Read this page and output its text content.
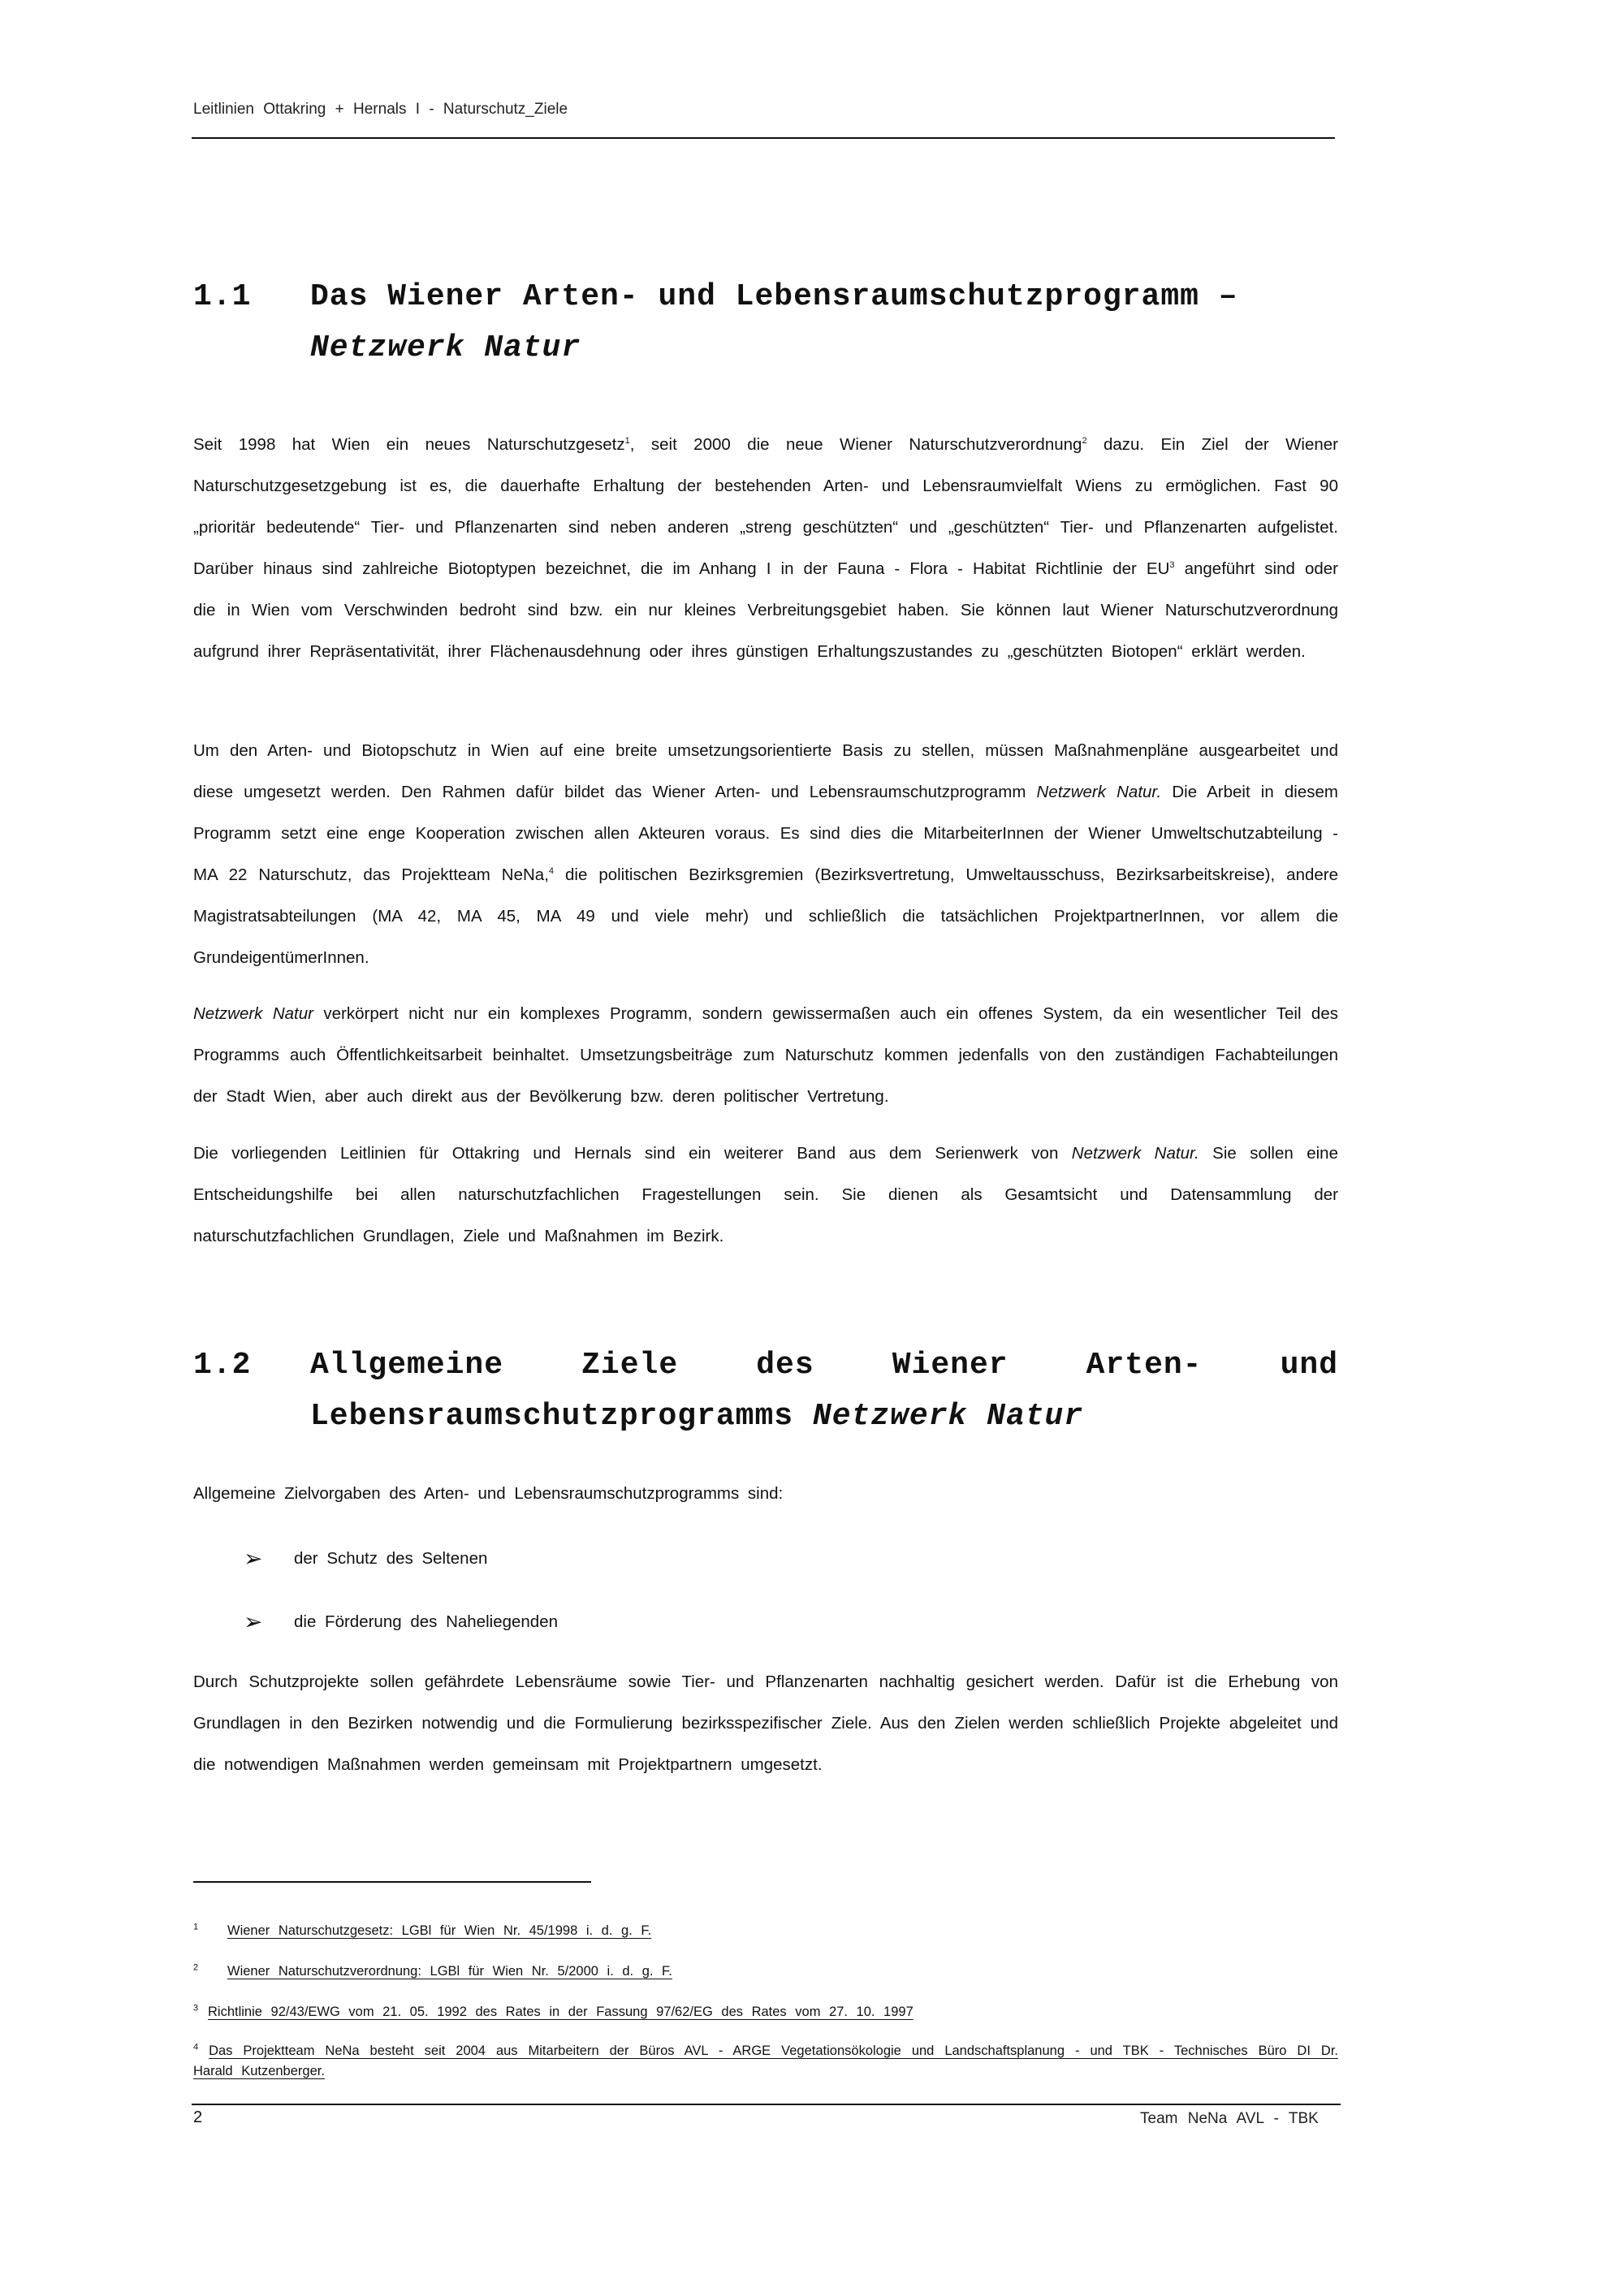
Leitlinien Ottakring + Hernals I - Naturschutz_Ziele
1.1 Das Wiener Arten- und Lebensraumschutzprogramm –
Netzwerk Natur

Seit 1998 hat Wien ein neues Naturschutzgesetz$^1$, seit 2000 die neue Wiener Naturschutzverordnung$^2$ dazu. Ein Ziel der Wiener Naturschutzgesetzgebung ist es, die dauerhafte Erhaltung der bestehenden Arten- und Lebensraumvielfalt Wiens zu ermöglichen. Fast 90 „prioritär bedeutende“ Tier- und Pflanzenarten sind neben anderen „streng geschützten“ und „geschützten“ Tier- und Pflanzenarten aufgelistet. Darüber hinaus sind zahlreiche Biotoptypen bezeichnet, die im Anhang I in der Fauna - Flora - Habitat Richtlinie der $EU^3$ angeführt sind oder die in Wien vom Verschwinden bedroht sind bzw. ein nur kleines Verbreitungsgebiet haben. Sie können laut Wiener Naturschutzverordnung aufgrund ihrer Repräsentativität, ihrer Flächenausdehnung oder ihres günstigen Erhaltungszustandes zu „geschützten Biotopen“ erklärt werden.

Um den Arten- und Biotopschutz in Wien auf eine breite umsetzungsorientierte Basis zu stellen, müssen Maßnahmenpläne ausgearbeitet und diese umgesetzt werden. Den Rahmen dafür bildet das Wiener Arten- und Lebensraumschutzprogramm Netzwerk Natur. Die Arbeit in diesem Programm setzt eine enge Kooperation zwischen allen Akteuren voraus. Es sind dies die MitarbeiterInnen der Wiener Umweltschutzabteilung - MA 22 Naturschutz, das Projektteam NeNa,$^4$ die politischen Bezirksgremien (Bezirksvertretung, Umweltausschuss, Bezirksarbeitskreise), andere Magistratsabteilungen (MA 42, MA 45, MA 49 und viele mehr) und schließlich die tatsächlichen ProjektpartnerInnen, vor allem die GrundeigentümerInnen.

Netzwerk Natur verkörpert nicht nur ein komplexes Programm, sondern gewissermaßen auch ein offenes System, da ein wesentlicher Teil des Programms auch Öffentlichkeitsarbeit beinhaltet. Umsetzungsbeiträge zum Naturschutz kommen jedenfalls von den zuständigen Fachabteilungen der Stadt Wien, aber auch direkt aus der Bevölkerung bzw. deren politischer Vertretung.

Die vorliegenden Leitlinien für Ottakring und Hernals sind ein weiterer Band aus dem Serienwerk von Netzwerk Natur. Sie sollen eine Entscheidungshilfe bei allen naturschutzfachlichen Fragestellungen sein. Sie dienen als Gesamtsicht und Datensammlung der naturschutzfachlichen Grundlagen, Ziele und Maßnahmen im Bezirk.

1.2 Allgemeine Ziele des Wiener Arten- und Lebensraumschutzprogramms Netzwerk Natur

Allgemeine Zielvorgaben des Arten- und Lebensraumschutzprogramms sind:

➢ der Schutz des Seltenen
➢ die Förderung des Naheliegenden

Durch Schutzprojekte sollen gefährdete Lebensräume sowie Tier- und Pflanzenarten nachhaltig gesichert werden. Dafür ist die Erhebung von Grundlagen in den Bezirken notwendig und die Formulierung bezirksspezifischer Ziele. Aus den Zielen werden schließlich Projekte abgeleitet und die notwendigen Maßnahmen werden gemeinsam mit Projektpartnern umgesetzt.

$^1$ Wiener Naturschutzgesetz: LGBl für Wien Nr. 45/1998 i. d. g. F.
$^2$ Wiener Naturschutzverordnung: LGBl für Wien Nr. 5/2000 i. d. g. F.
$^3$ Richtlinie 92/43/EWG vom 21. 05. 1992 des Rates in der Fassung 97/62/EG des Rates vom 27. 10. 1997
$^4$ Das Projektteam NeNa besteht seit 2004 aus Mitarbeitern der Büros AVL - ARGE Vegetationsökologie und Landschaftsplanung - und TBK - Technisches Büro DI Dr. Harald Kutzenberger.
2	Team NeNa AVL - TBK
